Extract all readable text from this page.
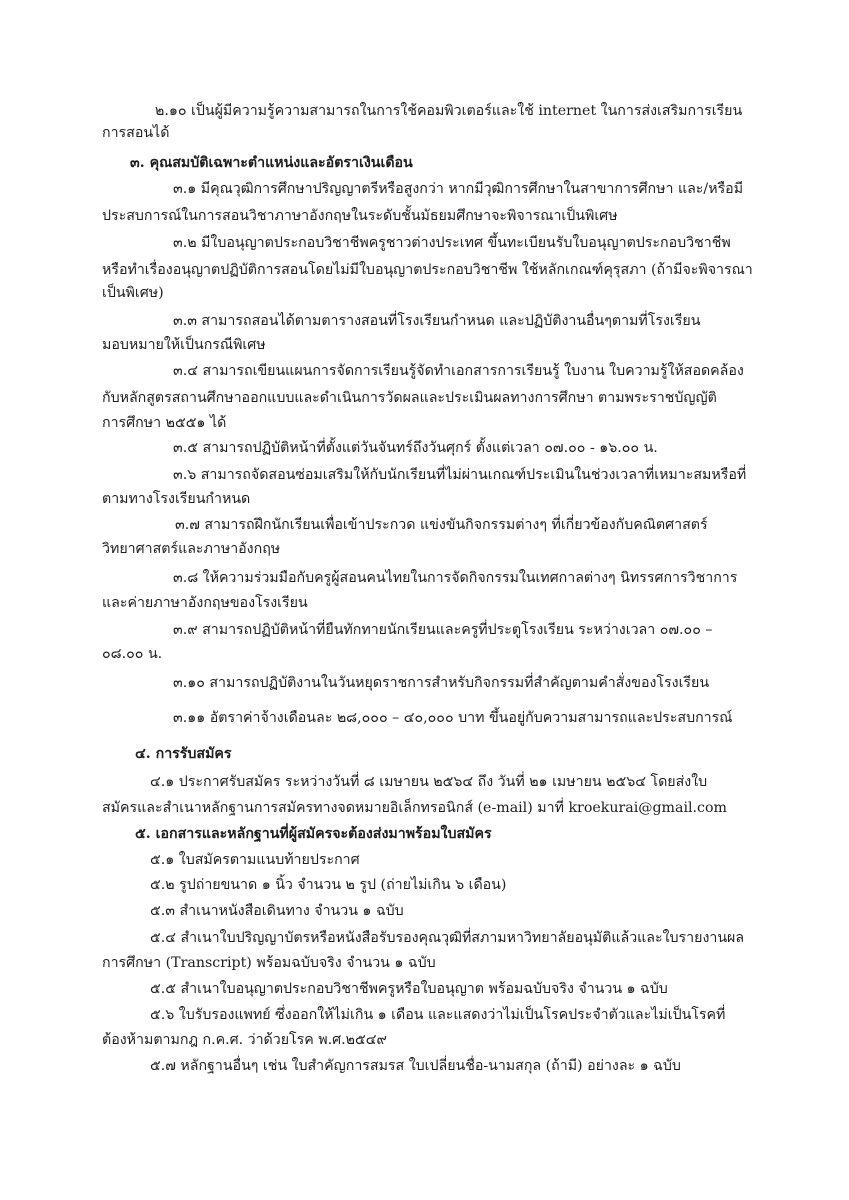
๒.๑๐ เป็นผู้มีความรู้ความสามารถในการใช้คอมพิวเตอร์และใช้ internet ในการส่งเสริมการเรียน
การสอนได้
๓. คุณสมบัติเฉพาะตำแหน่งและอัตราเงินเดือน
๓.๑ มีคุณวุฒิการศึกษาปริญญาตรีหรือสูงกว่า หากมีวุฒิการศึกษาในสาขาการศึกษา และ/หรือมี
ประสบการณ์ในการสอนวิชาภาษาอังกฤษในระดับชั้นมัธยมศึกษาจะพิจารณาเป็นพิเศษ
๓.๒ มีใบอนุญาตประกอบวิชาชีพครูชาวต่างประเทศ ขึ้นทะเบียนรับใบอนุญาตประกอบวิชาชีพ
หรือทำเรื่องอนุญาตปฏิบัติการสอนโดยไม่มีใบอนุญาตประกอบวิชาชีพ ใช้หลักเกณฑ์คุรุสภา (ถ้ามีจะพิจารณา
เป็นพิเศษ)
๓.๓ สามารถสอนได้ตามตารางสอนที่โรงเรียนกำหนด และปฏิบัติงานอื่นๆตามที่โรงเรียน
มอบหมายให้เป็นกรณีพิเศษ
๓.๔ สามารถเขียนแผนการจัดการเรียนรู้จัดทำเอกสารการเรียนรู้ ใบงาน ใบความรู้ให้สอดคล้อง
กับหลักสูตรสถานศึกษาออกแบบและดำเนินการวัดผลและประเมินผลทางการศึกษา ตามพระราชบัญญัติ
การศึกษา ๒๕๕๑ ได้
๓.๕ สามารถปฏิบัติหน้าที่ตั้งแต่วันจันทร์ถึงวันศุกร์ ตั้งแต่เวลา ๐๗.๐๐ - ๑๖.๐๐ น.
๓.๖ สามารถจัดสอนซ่อมเสริมให้กับนักเรียนที่ไม่ผ่านเกณฑ์ประเมินในช่วงเวลาที่เหมาะสมหรือที่
ตามทางโรงเรียนกำหนด
๓.๗ สามารถฝึกนักเรียนเพื่อเข้าประกวด แข่งขันกิจกรรมต่างๆ ที่เกี่ยวข้องกับคณิตศาสตร์
วิทยาศาสตร์และภาษาอังกฤษ
๓.๘ ให้ความร่วมมือกับครูผู้สอนคนไทยในการจัดกิจกรรมในเทศกาลต่างๆ นิทรรศการวิชาการ
และค่ายภาษาอังกฤษของโรงเรียน
๓.๙ สามารถปฏิบัติหน้าที่ยืนทักทายนักเรียนและครูที่ประตูโรงเรียน ระหว่างเวลา ๐๗.๐๐ –
๐๘.๐๐ น.
๓.๑๐ สามารถปฏิบัติงานในวันหยุดราชการสำหรับกิจกรรมที่สำคัญตามคำสั่งของโรงเรียน
๓.๑๑ อัตราค่าจ้างเดือนละ ๒๘,๐๐๐ – ๔๐,๐๐๐ บาท ขึ้นอยู่กับความสามารถและประสบการณ์
๔. การรับสมัคร
๔.๑ ประกาศรับสมัคร ระหว่างวันที่ ๘ เมษายน ๒๕๖๔ ถึง วันที่ ๒๑ เมษายน ๒๕๖๔ โดยส่งใบ
สมัครและสำเนาหลักฐานการสมัครทางจดหมายอิเล็กทรอนิกส์ (e-mail) มาที่ kroekurai@gmail.com
๕. เอกสารและหลักฐานที่ผู้สมัครจะต้องส่งมาพร้อมใบสมัคร
๕.๑ ใบสมัครตามแนบท้ายประกาศ
๕.๒ รูปถ่ายขนาด ๑ นิ้ว จำนวน ๒ รูป (ถ่ายไม่เกิน ๖ เดือน)
๕.๓ สำเนาหนังสือเดินทาง จำนวน ๑ ฉบับ
๕.๔ สำเนาใบปริญญาบัตรหรือหนังสือรับรองคุณวุฒิที่สภามหาวิทยาลัยอนุมัติแล้วและใบรายงานผล
การศึกษา (Transcript) พร้อมฉบับจริง จำนวน ๑ ฉบับ
๕.๕ สำเนาใบอนุญาตประกอบวิชาชีพครูหรือใบอนุญาต พร้อมฉบับจริง จำนวน ๑ ฉบับ
๕.๖ ใบรับรองแพทย์ ซึ่งออกให้ไม่เกิน ๑ เดือน และแสดงว่าไม่เป็นโรคประจำตัวและไม่เป็นโรคที่
ต้องห้ามตามกฎ ก.ค.ศ. ว่าด้วยโรค พ.ศ.๒๕๔๙
๕.๗ หลักฐานอื่นๆ เช่น ใบสำคัญการสมรส ใบเปลี่ยนชื่อ-นามสกุล (ถ้ามี) อย่างละ ๑ ฉบับ
